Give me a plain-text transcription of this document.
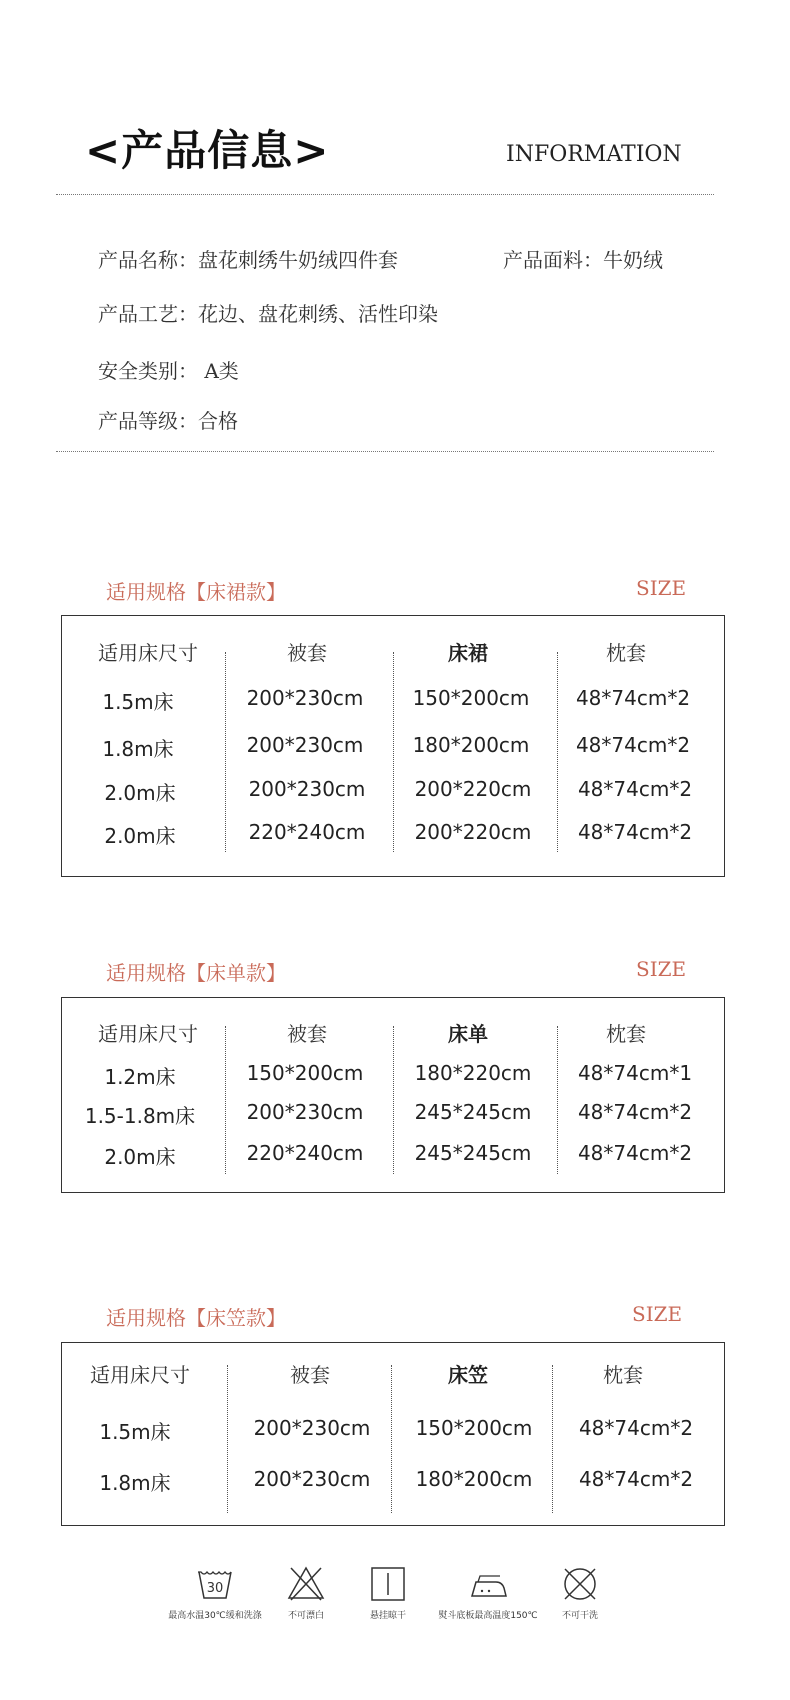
<产品信息>	INFORMATION
产品名称：盘花刺绣牛奶绒四件套	产品面料：牛奶绒
产品工艺：花边、盘花刺绣、活性印染
安全类别： A类
产品等级：合格
适用规格【床裙款】	SIZE
适用床尺寸	被套	床裙	枕套
1.5m床	200*230cm 150*200cm 48*74cm*2
1.8m床	200*230cm 180*200cm 48*74cm*2
2.0m床	200*230cm 200*220cm 48*74cm*2
2.0m床	220*240cm 200*220cm 48*74cm*2
适用规格【床单款】	SIZE
适用床尺寸	被套	床单	枕套
1.2m床	150*200cm	180*220cm 48*74cm*1
1.5-1.8m床	200*230cm	245*245cm 48*74cm*2
2.0m床	220*240cm	245*245cm 48*74cm*2
适用规格【床笠款】	SIZE
适用床尺寸	被套	床笠	枕套
1.5m床	200*230cm 150*200cm 48*74cm*2
1.8m床	200*230cm 180*200cm 48*74cm*2
30
最高水温30℃缓和洗涤	不可漂白	悬挂晾干	熨斗底板最高温度150℃	不可干洗
